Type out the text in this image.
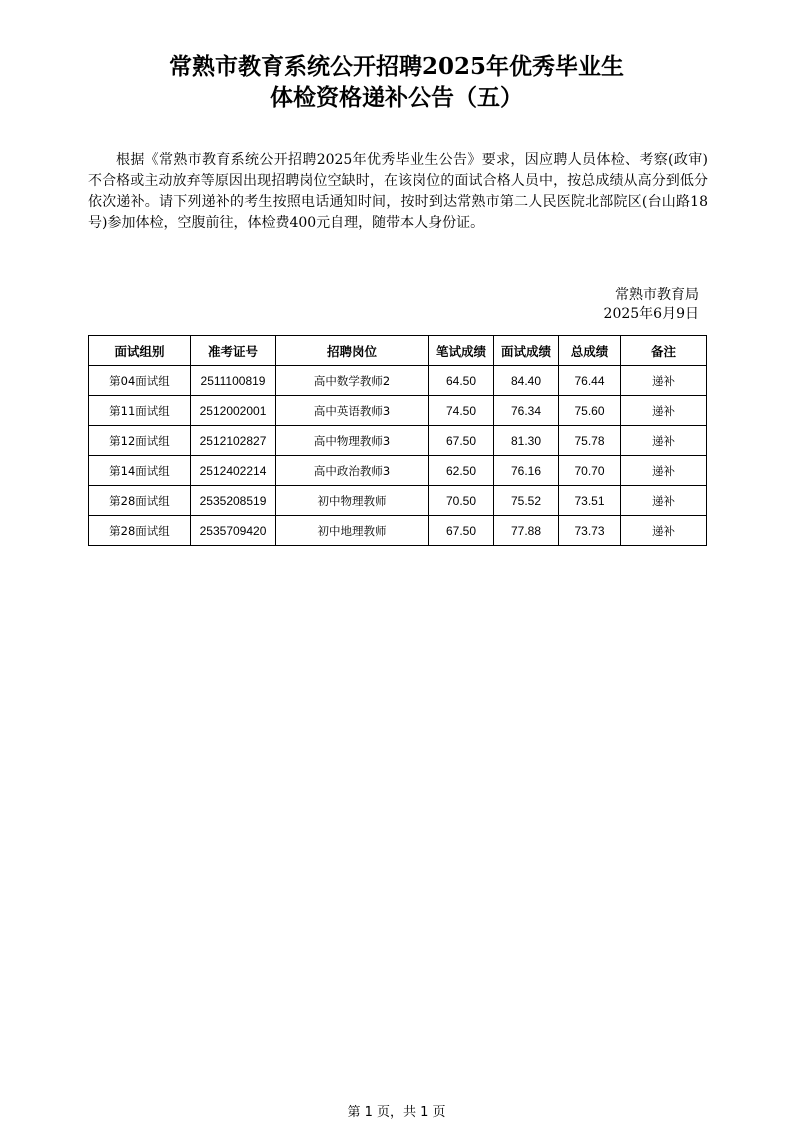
常熟市教育系统公开招聘2025年优秀毕业生
体检资格递补公告（五）
根据《常熟市教育系统公开招聘2025年优秀毕业生公告》要求，因应聘人员体检、考察(政审)不合格或主动放弃等原因出现招聘岗位空缺时，在该岗位的面试合格人员中，按总成绩从高分到低分依次递补。请下列递补的考生按照电话通知时间，按时到达常熟市第二人民医院北部院区(台山路18号)参加体检，空腹前往，体检费400元自理，随带本人身份证。
常熟市教育局
2025年6月9日
面试组别	准考证号	招聘岗位	笔试成绩	面试成绩	总成绩	备注
第04面试组	2511100819	高中数学教师2	64.50	84.40	76.44	递补
第11面试组	2512002001	高中英语教师3	74.50	76.34	75.60	递补
第12面试组	2512102827	高中物理教师3	67.50	81.30	75.78	递补
第14面试组	2512402214	高中政治教师3	62.50	76.16	70.70	递补
第28面试组	2535208519	初中物理教师	70.50	75.52	73.51	递补
第28面试组	2535709420	初中地理教师	67.50	77.88	73.73	递补
第 1 页，共 1 页
